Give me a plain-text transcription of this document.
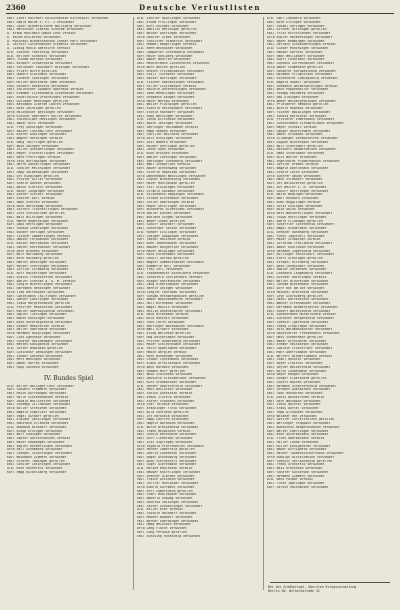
2360	Deutsche Verlustlisten
Emil Lindl Kötzdorf Rutschhausen Kirchspiel verwundet
Emil Radle Walde E. Pl. 3 verwundet
Emil Lauer Niederkirchen Wolfsberg verwundet
Emil Marschner Ziebrau Scherme verwundet
A. Krauß Mühlbach Gmünd Lenz vermißt
A. Kaufm Heilbronn verwundet
A. Mühlhaus Niedersachsen Landkr Herz verwundet
A. Zerleit Lützenhausen Grebenst verwundet
A. Liebig Mühlb Oberkirch vermißt
Alb. Steiner Fahrsteig verwundet
Alb. Kellner Schöntal verwundet
Bart. Krumm Hofheim verwundet
Emil Kolbert Schwarzheim verwundet
Emil Schlander Lauchdorf Bisingen verwundet
Emil Pflatt Wirth gefallen
Karl Hubert Kleinhaus verwundet
Emil Lindner Lautingen verwundet
Karl Müller Wehrsheim Tamm verwundet
Paul Rickert Hohenfeld verwundet
Emil Schleicher Gimbach Oberhaus vermißt
Emil Krammer Lichtenberg Schönheide verwundet
Emil Rindfleisch Ofterdingen verwundet
Emil Gutleber Möhringen gefallen
Emil Katzmann Glatten Laufen verwundet
Emil Roth Zainingen gefallen
Otto Holzhauser Betzingen verwundet
Otto Kleiner Oberndorf Haller verwundet
Emil Steinhilber Mössingen verwundet
Emil Bauer Bitz verwundet
Alb. Frey Gönningen verwundet
Karl Raiser Lustnau Lenz verwundet
Alb. Kiefer Dußlingen verwundet
Emil Wagner Hechingen vermißt
Alb. Haug Tailfingen gefallen
Karl Weiß Ebingen verwundet
Emil Zeller Onstmettingen verwundet
Emil Mayer Truchtelfingen verwundet
Karl Beck Pfeffingen vermißt
Otto Faiß Burladingen verwundet
Emil Herre Gauselfingen verwundet
Alb. Schuler Melchingen verwundet
Karl Rapp Salmendingen verwundet
Emil Ott Ringingen gefallen
Emil Pfister Killer verwundet
Karl Stehle Hausen verwundet
Emil Bosch Starzeln verwundet
Alb. Maier Jungingen verwundet
Emil Dieter Schlatt verwundet
Karl Riester Boll vermißt
Emil Hahn Stetten verwundet
Otto Buck Hörschwag verwundet
Emil Seifert Trochtelfingen verwundet
Karl Lutz Steinhilben gefallen
Emil Walz Wilsingen verwundet
Alb. Henne Mägerkingen verwundet
Karl Gauß Hettingen verwundet
Emil Schmid Inneringen verwundet
Emil Binder Veringen verwundet
Karl Fischer Gammertingen vermißt
Emil Hauser Feldhausen verwundet
Alb. Kaiser Harthausen verwundet
Emil Sauter Kettenacker verwundet
Otto Dorn Bronnen verwundet
Karl Wolf Mariaberg verwundet
Emil Kern Hochberg gefallen
Emil Maurer Benzingen verwundet
Karl Reiser Storzingen verwundet
Emil Löffler Straßberg verwundet
Alb. Ruff Kaiseringen verwundet
Emil Blaich Frohnstetten verwundet
Karl Bühler Stetten a. k. M. vermißt
Emil Single Winterlingen verwundet
Emil Hartmann Benzingen verwundet
Otto Flad Harthausen verwundet
Karl Conzelmann Tailfingen verwundet
Emil Gonser Lautlingen verwundet
Emil Stauß Margrethausen gefallen
Alb. Pfeiffer Meßstetten verwundet
Karl Kohler Oberdigisheim verwundet
Emil Eppler Tieringen verwundet
Emil Maute Hossingen verwundet
Karl Koch Unterdigisheim verwundet
Emil Rieber Meßstetten vermißt
Emil Haller Obernheim verwundet
Otto Hermann Nusplingen verwundet
Karl Link Egesheim verwundet
Emil Schäfer Reichenbach verwundet
Emil Mattes Königsheim verwundet
Alb. Jetter Bubsheim gefallen
Karl Gleichauf Denkingen verwundet
Emil Sieber Gosheim verwundet
Emil Merz Wehingen verwundet
Karl Bader Harras verwundet
Emil Hipp Gosheim verwundet
IV. Bundes Spiel
Alb. Keller Balingen Lenz verwundet
Karl Schwarz Frommern verwundet
Emil Reich Dürrwangen verwundet
Emil Hölle Stockenhausen vermißt
Karl Oswald Weilstetten verwundet
Emil Schempp Zillhausen verwundet
Otto Roller Streichen verwundet
Emil Nägele Engstlatt verwundet
Karl Vogel Ostdorf gefallen
Emil Klaiber Geislingen verwundet
Emil Rebstock Erlaheim verwundet
Alb. Nußbaum Binsdorf verwundet
Karl Blepp Erzingen verwundet
Emil Wolf Endingen verwundet
Emil Sauter Dotternhausen vermißt
Karl Maier Roßwangen verwundet
Emil Eppler Dormettingen verwundet
Otto Rall Schömberg verwundet
Emil Stengel Schörzingen verwundet
Karl Weinmann Zimmern verwundet
Emil Gfrörer Täbingen gefallen
Emil Schuler Leidringen verwundet
Alb. Koch Rosenfeld verwundet
Karl Hagg Bickelsberg verwundet
Alb. Schuler Reutlingen verwundet
Emil Krumm Pfullingen verwundet
Karl Kurz Eningen verwundet
Emil Bantlin Metzingen gefallen
Emil Walker Dettingen verwundet
Otto Gekeler Glems verwundet
Karl Schnitzer Riederich verwundet
Emil Hummel Bempflingen vermißt
Alb. Rehm Neuhausen verwundet
Emil Lamparter Grafenberg verwundet
Karl Maier Kohlberg verwundet
Emil Bauer Neuffen verwundet
Emil Heinzelmann Linsenhofen verwundet
Otto Wörz Beuren gefallen
Karl Knecht Frickenhausen verwundet
Emil Stoll Tischardt verwundet
Emil Gaiser Nürtingen verwundet
Alb. Fischer Oberensingen verwundet
Karl Hiller Zizishausen vermißt
Emil Raichle Unterensingen verwundet
Emil Zeeb Wendlingen verwundet
Karl Brodbeck Köngen verwundet
Otto Maier Wernau verwundet
Emil Weiler Plochingen gefallen
Emil Kienzle Reichenbach verwundet
Karl Eisele Hochdorf verwundet
Emil Ruoß Notzingen verwundet
Alb. Scheu Kirchheim verwundet
Emil Bosch Jesingen verwundet
Karl Vöhringer Holzmaden vermißt
Emil Rapp Ohmden verwundet
Emil Schiller Weilheim verwundet
Otto Gölz Bissingen verwundet
Karl Veit Nabern verwundet
Emil Holder Dettingen gefallen
Emil Jäckh Owen verwundet
Alb. Kuch Brucken verwundet
Karl Boßler Lenningen verwundet
Emil Vöhringer Gutenberg verwundet
Emil Wahl Schopfloch vermißt
Karl Bauer Ochsenwang verwundet
Emil Stierle Hepsisau verwundet
Otto Dannenmann Neidlingen verwundet
Emil Gröner Wiesensteig verwundet
Karl Maier Mühlhausen gefallen
Emil Feil Gruibingen verwundet
Emil Strähle Gosbach verwundet
Alb. Hilsenbeck Deggingen verwundet
Karl Straub Ditzenbach verwundet
Emil Sihler Überkingen vermißt
Emil Mayer Geislingen verwundet
Karl Burkhardt Altenstadt verwundet
Otto Bühler Kuchen verwundet
Emil Wieland Gingen verwundet
Emil Weber Süßen gefallen
Karl Schurr Donzdorf verwundet
Emil Schneider Salach verwundet
Alb. Hieber Eislingen verwundet
Emil Staiger Göppingen verwundet
Karl Fauser Holzheim vermißt
Emil Kuhn Jebenhausen verwundet
Emil Bauder Bezgenriet verwundet
Otto Maier Heiningen verwundet
Karl Keck Eschenbach verwundet
Emil Schöll Dürnau gefallen
Emil Wagner Gammelshausen verwundet
Karl Kümmerle Boll verwundet
Emil Frey Zell verwundet
Alb. Staudenmaier Aichelberg verwundet
Emil Scheufele Schlierbach vermißt
Karl Rieger Hattenhofen verwundet
Emil Lang Albershausen verwundet
Emil Häfele Uhingen verwundet
Otto Ziegler Faurndau verwundet
Karl Schwab Rechberghausen gefallen
Emil Bader Wäschenbeuren verwundet
Emil Holl Birenbach verwundet
Karl Nagel Maitis verwundet
Emil Heilig Hohenstaufen verwundet
Alb. Hald Ottenbach vermißt
Emil Kolb Hohrein verwundet
Karl Funk Lorch verwundet
Emil Böhringer Waldhausen verwundet
Otto Wahl Alfdorf verwundet
Emil Krieg Welzheim gefallen
Karl Hug Kaisersbach verwundet
Emil Pfitzer Rudersberg verwundet
Emil Maier Schlechtbach verwundet
Alb. Seitz Oppelsbohm verwundet
Karl Mauch Berglen vermißt
Emil Roth Winnenden verwundet
Emil Gruber Leutenbach verwundet
Karl Klenk Affalterbach verwundet
Otto Beck Marbach verwundet
Emil Ehmann Murr gefallen
Emil Weiß Steinheim verwundet
Karl Deuschle Kleinbottwar verwundet
Emil Kurz Großbottwar verwundet
Alb. Röcker Oberstenfeld verwundet
Emil Hess Beilstein verwundet
Karl Schick Auenstein vermißt
Emil Braun Ilsfeld verwundet
Emil Kiefer Schozach verwundet
Otto Graf Talheim verwundet
Karl Bräuninger Flein verwundet
Emil Wild Sontheim gefallen
Emil Ott Horkheim verwundet
Karl Rapp Lauffen verwundet
Emil Hägele Nordheim verwundet
Alb. Würth Brackenheim verwundet
Emil Frank Meimsheim vermißt
Karl Schüle Botenheim verwundet
Emil Dürr Cleebronn verwundet
Emil Lutz Güglingen verwundet
Otto Seybold Pfaffenhofen verwundet
Karl Hörner Zaberfeld gefallen
Emil Eberle Leonbronn verwundet
Emil Röger Ochsenburg verwundet
Karl Buck Sternenfels verwundet
Emil Sigel Diefenbach verwundet
Alb. Mörike Maulbronn vermißt
Emil Hauber Knittlingen verwundet
Karl Brenner Ölbronn verwundet
Emil Frasch Ötisheim verwundet
Emil Löffler Mühlacker verwundet
Otto Kuhnle Dürrmenz verwundet
Karl Ruff Lomersheim gefallen
Emil Stahl Mühlhausen verwundet
Emil Bäuerle Roßwag verwundet
Karl Rothfuß Vaihingen verwundet
Emil Zaiser Enzweihingen verwundet
Alb. Keller Riet vermißt
Emil Stöckle Hochdorf verwundet
Karl Meßner Nußdorf verwundet
Emil Wörner Eberdingen verwundet
Emil Haag Weissach verwundet
Otto Lang Flacht verwundet
Karl Jung Perouse gefallen
Emil Blessing Rutesheim verwundet
Alb. Gohl Leonberg verwundet
Emil Kern Eltingen verwundet
Karl Schaal Höfingen verwundet
Emil Kircher Ditzingen gefallen
Emil Fritz Hirschlanden verwundet
Otto Kübler Heimerdingen verwundet
Karl Bauer Hemmingen verwundet
Emil Gerlach Schwieberdingen vermißt
Alb. Glaser Münchingen verwundet
Emil Häußer Korntal verwundet
Karl Hahn Weilimdorf verwundet
Emil Ruoff Feuerbach verwundet
Emil Schwenk Zuffenhausen verwundet
Otto Bauer Stammheim gefallen
Karl Hinderer Kornwestheim verwundet
Emil Hofmann Pflugfelden verwundet
Emil Eisenhardt Ludwigsburg verwundet
Alb. Nägele Oßweil verwundet
Karl Brodbeck Neckarweihingen vermißt
Emil Beck Poppenweiler verwundet
Emil Stumpp Hochberg verwundet
Karl Rau Aldingen verwundet
Otto Weber Neckargröningen verwundet
Emil Pfleiderer Remseck gefallen
Emil Bürkle Hegnach verwundet
Karl Fischer Waiblingen verwundet
Emil Schmid Beinstein verwundet
Alb. Pfisterer Endersbach verwundet
Emil Schnaitmann Strümpfelbach verwundet
Karl Mayer Schnait vermißt
Emil Gauger Beutelsbach verwundet
Emil Bauer Grunbach verwundet
Otto Ellwanger Geradstetten verwundet
Karl Dippon Winterbach verwundet
Emil Wolf Schorndorf gefallen
Emil Reichert Haubersbronn verwundet
Alb. Haas Schornbach verwundet
Karl Kurz Weiler verwundet
Emil Engelhardt Plüderhausen verwundet
Emil Löffler Urbach vermißt
Karl Nägele Oberurbach verwundet
Emil Eisele Lorch verwundet
Otto Scherer Gmünd verwundet
Emil Mack Straßdorf verwundet
Karl Ott Waldstetten gefallen
Emil Ruf Weiler i. B. verwundet
Emil Schurr Bettringen verwundet
Alb. Barth Böbingen verwundet
Karl Wahl Heubach verwundet
Emil Kuhn Mögglingen vermißt
Emil Seitz Essingen verwundet
Karl Kolb Aalen verwundet
Otto Betz Wasseralfingen verwundet
Emil Grupp Hüttlingen verwundet
Emil Abele Ellwangen gefallen
Karl Schäffler Schrezheim verwundet
Emil Nagel Rindelbach verwundet
Alb. Brenner Rosenberg verwundet
Emil Fuchs Jagstzell verwundet
Karl Maier Stimpfach vermißt
Emil Löffelad Crailsheim verwundet
Emil Bauer Onolzheim verwundet
Otto Hofmann Ingersheim verwundet
Karl Bullinger Satteldorf verwundet
Emil Kraft Gröningen gefallen
Emil Ströbel Kirchberg verwundet
Karl Beck Lendsiedel verwundet
Emil Rößler Gerabronn verwundet
Alb. Gronbach Langenburg verwundet
Emil Kistner Bächlingen vermißt
Karl Weller Blaufelden verwundet
Emil Schumm Wiesenbach verwundet
Emil Dürr Rot am See verwundet
Otto Heinkel Brettheim verwundet
Karl Leyh Schrozberg gefallen
Emil Hezel Bartenstein verwundet
Emil Wanner Ettenhausen verwundet
Karl Herrmann Niederstetten verwundet
Emil Eckert Weikersheim verwundet
Alb. Scheuermann Markelsheim vermißt
Emil Albrecht Mergentheim verwundet
Karl Schmitt Igersheim verwundet
Emil Stang Creglingen verwundet
Emil Volk Waldmannshofen verwundet
Otto Gackstatter Freudenbach verwundet
Karl Hess Schmerbach gefallen
Emil Bauer Archshofen verwundet
Emil Krämer Reinsbronn verwundet
Karl Löblein Finsterlohr verwundet
Emil Mohr Oberrimbach verwundet
Alb. Wolfert Niederrimbach vermißt
Emil Stahl Münster verwundet
Karl Beyer Craintal verwundet
Emil Seyfer Weikersheim verwundet
Emil Wirth Laudenbach verwundet
Otto Bayer Haagen verwundet
Karl Rieger Elpersheim gefallen
Emil Schott Nassau verwundet
Emil Hofmann Schäftersheim verwundet
Karl Ehrmann Queckbronn verwundet
Emil Laun Honsbronn verwundet
Alb. Dietz Neunkirchen vermißt
Emil Horn Wachbach verwundet
Karl Stock Hachtel verwundet
Emil Kraus Dörtel verwundet
Emil Popp Althausen verwundet
Otto Weidner Rot verwundet
Karl Göttler Löffelstelzen gefallen
Emil Berlinger Stuppach verwundet
Emil Bundschuh Rengershausen verwundet
Karl Walter Edelfingen verwundet
Emil Koch Unterbalbach verwundet
Alb. Fries Oberbalbach vermißt
Emil Heller Lauda verwundet
Karl Müller Königshofen verwundet
Emil Bauer Dittigheim verwundet
Emil Hörner Tauberbischofsheim verwundet
Otto Rudolph Distelhausen verwundet
Karl Schmitt Gerlachsheim gefallen
Emil Frank Grünsfeld verwundet
Emil Weis Krensheim verwundet
Karl Schäfer Kützbrunn verwundet
Emil Hofmann Zimmern verwundet
Alb. Beck Paimar vermißt
Emil Fleck Impfingen verwundet
Karl Hirsch Hochhausen verwundet
Bei der Großherzogl. Obersten Kriegsverwaltung
Berlin SW. Wilhelmstraße 32
